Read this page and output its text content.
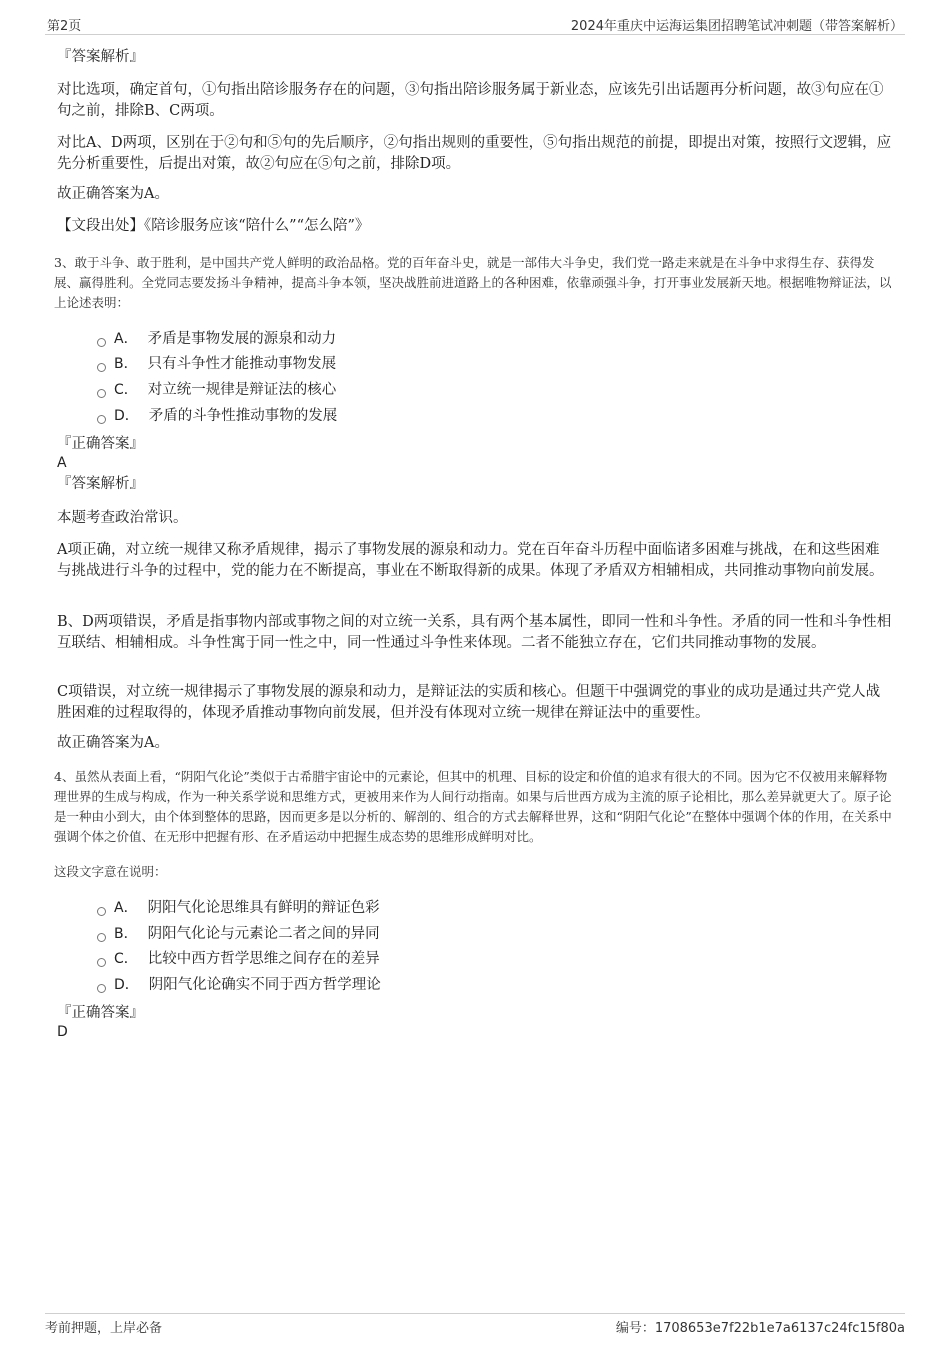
第2页	2024年重庆中运海运集团招聘笔试冲刺题（带答案解析）

『答案解析』

对比选项，确定首句，①句指出陪诊服务存在的问题，③句指出陪诊服务属于新业态，应该先引出话题再分析问题，故③句应在①句之前，排除B、C两项。

对比A、D两项，区别在于②句和⑤句的先后顺序，②句指出规则的重要性，⑤句指出规范的前提，即提出对策，按照行文逻辑，应先分析重要性，后提出对策，故②句应在⑤句之前，排除D项。

故正确答案为A。

【文段出处】《陪诊服务应该“陪什么”“怎么陪”》

3、敢于斗争、敢于胜利，是中国共产党人鲜明的政治品格。党的百年奋斗史，就是一部伟大斗争史，我们党一路走来就是在斗争中求得生存、获得发展、赢得胜利。全党同志要发扬斗争精神，提高斗争本领，坚决战胜前进道路上的各种困难，依靠顽强斗争，打开事业发展新天地。根据唯物辩证法，以上论述表明：

A． 矛盾是事物发展的源泉和动力
B． 只有斗争性才能推动事物发展
C． 对立统一规律是辩证法的核心
D． 矛盾的斗争性推动事物的发展

『正确答案』

A

『答案解析』

本题考查政治常识。

A项正确，对立统一规律又称矛盾规律，揭示了事物发展的源泉和动力。党在百年奋斗历程中面临诸多困难与挑战，在和这些困难与挑战进行斗争的过程中，党的能力在不断提高，事业在不断取得新的成果。体现了矛盾双方相辅相成，共同推动事物向前发展。

B、D两项错误，矛盾是指事物内部或事物之间的对立统一关系，具有两个基本属性，即同一性和斗争性。矛盾的同一性和斗争性相互联结、相辅相成。斗争性寓于同一性之中，同一性通过斗争性来体现。二者不能独立存在，它们共同推动事物的发展。

C项错误，对立统一规律揭示了事物发展的源泉和动力，是辩证法的实质和核心。但题干中强调党的事业的成功是通过共产党人战胜困难的过程取得的，体现矛盾推动事物向前发展，但并没有体现对立统一规律在辩证法中的重要性。

故正确答案为A。

4、虽然从表面上看，“阴阳气化论”类似于古希腊宇宙论中的元素论，但其中的机理、目标的设定和价值的追求有很大的不同。因为它不仅被用来解释物理世界的生成与构成，作为一种关系学说和思维方式，更被用来作为人间行动指南。如果与后世西方成为主流的原子论相比，那么差异就更大了。原子论是一种由小到大，由个体到整体的思路，因而更多是以分析的、解剖的、组合的方式去解释世界，这和“阴阳气化论”在整体中强调个体的作用，在关系中强调个体之价值、在无形中把握有形、在矛盾运动中把握生成态势的思维形成鲜明对比。

这段文字意在说明：

A． 阴阳气化论思维具有鲜明的辩证色彩
B． 阴阳气化论与元素论二者之间的异同
C． 比较中西方哲学思维之间存在的差异
D． 阴阳气化论确实不同于西方哲学理论

『正确答案』

D

考前押题，上岸必备	编号：1708653e7f22b1e7a6137c24fc15f80a
